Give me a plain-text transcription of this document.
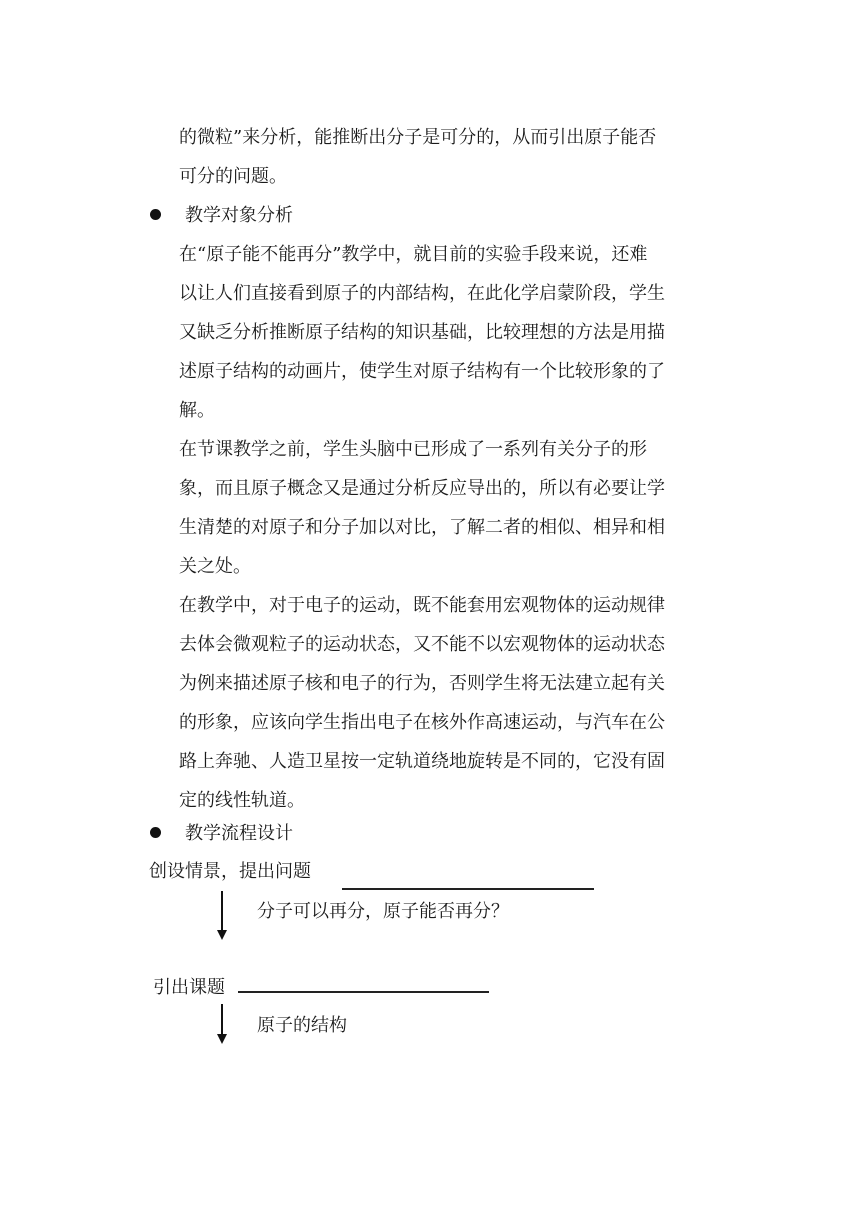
的微粒”来分析，能推断出分子是可分的，从而引出原子能否
可分的问题。
教学对象分析
在“原子能不能再分”教学中，就目前的实验手段来说，还难
以让人们直接看到原子的内部结构，在此化学启蒙阶段，学生
又缺乏分析推断原子结构的知识基础，比较理想的方法是用描
述原子结构的动画片，使学生对原子结构有一个比较形象的了
解。
在节课教学之前，学生头脑中已形成了一系列有关分子的形
象，而且原子概念又是通过分析反应导出的，所以有必要让学
生清楚的对原子和分子加以对比，了解二者的相似、相异和相
关之处。
在教学中，对于电子的运动，既不能套用宏观物体的运动规律
去体会微观粒子的运动状态，又不能不以宏观物体的运动状态
为例来描述原子核和电子的行为，否则学生将无法建立起有关
的形象，应该向学生指出电子在核外作高速运动，与汽车在公
路上奔驰、人造卫星按一定轨道绕地旋转是不同的，它没有固
定的线性轨道。
教学流程设计
创设情景，提出问题
分子可以再分，原子能否再分？
引出课题
原子的结构
